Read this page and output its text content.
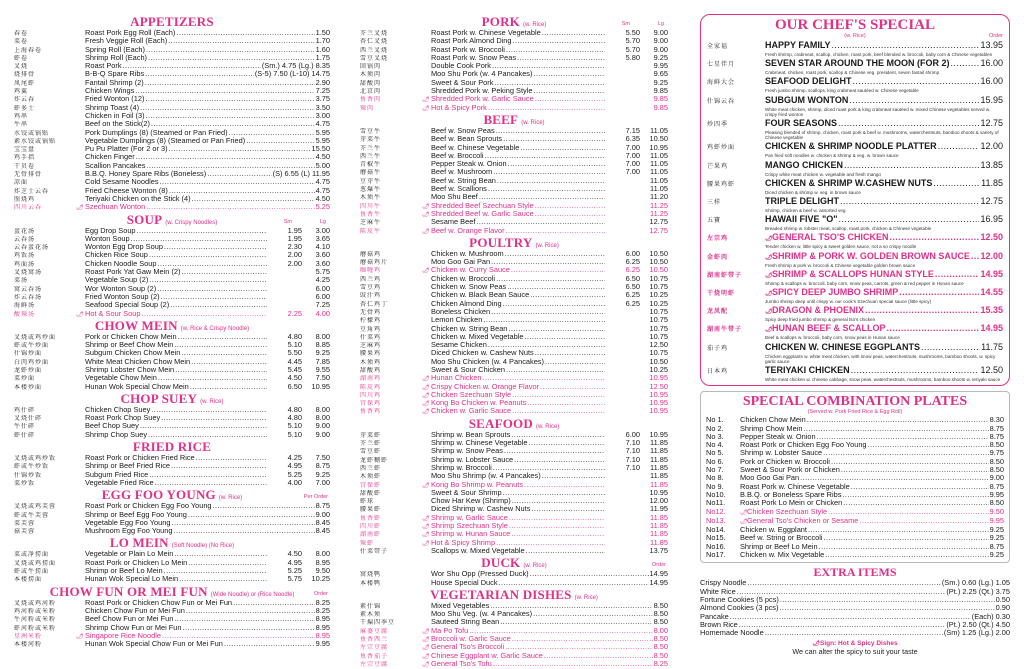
APPETIZERS
春卷	Roast Pork Egg Roll (Each) .....	1.50
菜卷	Fresh Veggie Roll (Each) .....	1.70
上海春卷	Spring Roll (Each) .....	1.60
虾卷	Shrimp Roll (Each) .....	1.75
叉烧	Roast Pork .....	(Sm.) 4.75 (Lg.) 8.35
烧排骨	B-B-Q Spare Ribs .....	(S-5) 7.50 (L-10) 14.75
凤尾虾	Fantail Shrimp (2) .....	2.90
鸡翼	Chicken Wings .....	7.25
炸云吞	Fried Wonton (12) .....	3.75
虾多士	Shrimp Toast (4) .....	3.50
鸡串	Chicken in Foil (3) .....	3.00
牛串	Beef on the Stick(2) .....	4.75
水饺或锅贴	Pork Dumplings (8) (Steamed or Pan Fried) .....	5.95
素水饺或锅贴	Vegetable Dumplings (8) (Steamed or Pan Fried) .....	5.95
宝宝盘	Pu Pu Platter (For 2 or 3) .....	15.50
鸡手指	Chicken Finger .....	4.50
干贝卷	Scallion Pancakes .....	5.00
无骨排骨	B.B.Q. Honey Spare Ribs (Boneless) .....	(S) 6.55 (L) 11.95
凉面	Cold Sesame Noodles .....	4.75
炸芝士云吞	Fried Cheese Wonton (8) .....	4.75
照烧鸡	Teriyaki Chicken on the Stick (4) .....	4.50
四川云吞	🌶 Szechuan Wonton .....	5.25
SOUP (w. Crispy Noodles)	Sm	Lg
蛋花汤	Egg Drop Soup .....	1.95	3.00
云吞汤	Wonton Soup .....	1.95	3.65
云吞蛋花汤	Wonton Egg Drop Soup .....	2.30	4.10
鸡饭汤	Chicken Rice Soup .....	2.00	3.60
鸡面汤	Chicken Noodle Soup .....	2.00	3.60
叉烧窝汤	Roast Pork Yat Gaw Mein (2) .....	5.75
菜汤	Vegetable Soup (2) .....	4.25
窝云吞汤	Wor Wonton Soup (2) .....	6.00
炸云吞汤	Fried Wonton Soup (2) .....	6.00
海鲜汤	Seafood Special Soup (2) .....	7.25
酸辣汤	🌶 Hot & Sour Soup .....	2.25	4.00
CHOW MEIN (w. Rice & Crispy Noodle)
叉烧或鸡炒面	Pork or Chicken Chow Mein .....	4.80	8.00
虾或牛炒面	Shrimp or Beef Chow Mein .....	5.10	8.85
什锦炒面	Subgum Chicken Chow Mein .....	5.50	9.25
白肉鸡炒面	White Meat Chicken Chow Mein .....	4.45	7.85
龙虾炒面	Shrimp Lobster Chow Mein .....	5.45	9.55
菜炒面	Vegetable Chow Mein .....	4.50	7.50
本楼炒面	Hunan Wok Special Chow Mein .....	6.50	10.95
CHOP SUEY (w. Rice)
鸡什碎	Chicken Chop Suey .....	4.80	8.00
叉烧什碎	Roast Pork Chop Suey .....	4.80	8.00
牛什碎	Beef Chop Suey .....	5.10	9.00
虾什碎	Shrimp Chop Suey .....	5.10	9.00
FRIED RICE
叉烧或鸡炒饭	Roast Pork or Chicken Fried Rice .....	4.25	7.50
虾或牛炒饭	Shrimp or Beef Fried Rice .....	4.95	8.75
什锦炒饭	Subgum Fried Rice .....	5.25	9.25
菜炒饭	Vegetable Fried Rice .....	4.00	7.00
EGG FOO YOUNG (w. Rice)	Per Order
叉烧或鸡芙蓉	Roast Pork or Chicken Egg Foo Young .....	8.75
虾或牛芙蓉	Shrimp or Beef Egg Foo Young .....	9.00
菜芙蓉	Vegetable Egg Foo Young .....	8.45
菇芙蓉	Mushroom Egg Foo Young .....	8.45
LO MEIN (Soft Noodle) (No Rice)
菜或净捞面	Vegetable or Plain Lo Mein .....	4.50	8.00
叉烧或鸡捞面	Roast Pork or Chicken Lo Mein .....	4.95	8.95
虾或牛捞面	Shrimp or Beef Lo Mein .....	5.25	9.50
本楼捞面	Hunan Wok Special Lo Mein .....	5.75	10.25
CHOW FUN OR MEI FUN (Wide Noodle) or (Rice Noodle)	Order
叉烧或鸡河粉	Roast Pork or Chicken Chow Fun or Mei Fun .....	8.25
鸡河粉或米粉	Chicken Chow Fun or Mei Fun .....	8.25
牛河粉或米粉	Beef Chow Fun or Mei Fun .....	8.95
虾河粉或米粉	Shrimp Chow Fun or Mei Fun .....	8.95
星洲米粉	🌶 Singapore Rice Noodle .....	8.95
本楼河粉	Hunan Wok Special Chow Fun or Mei Fun .....	9.95
PORK (w. Rice)	Sm	Lg
芥兰叉烧	Roast Pork w. Chinese Vegetable .....	5.50	9.00
杏仁叉烧	Roast Pork Almond Ding .....	5.70	9.00
西兰叉烧	Roast Pork w. Broccoli .....	5.70	9.00
雪豆叉烧	Roast Pork w. Snow Peas .....	5.80	9.25
回锅肉	Double Cook Pork .....	9.95
木须肉	Moo Shu Pork (w. 4 Pancakes) .....	9.65
甜酸肉	Sweet & Sour Pork .....	9.25
北京肉	Shredded Pork w. Peking Style .....	9.85
鱼香肉	🌶 Shredded Pork w. Garlic Sauce .....	9.85
辣肉	🌶 Hot & Spicy Pork .....	9.85
BEEF (w. Rice)
雪豆牛	Beef w. Snow Peas .....	7.15	11.05
芽菜牛	Beef w. Bean Sprouts .....	6.35	10.50
芥兰牛	Beef w. Chinese Vegetable .....	7.00	10.95
西兰牛	Beef w. Broccoli .....	7.00	11.05
青椒牛	Pepper Steak w. Onion .....	7.00	11.05
蘑菇牛	Beef w. Mushroom .....	7.00	11.05
豆芽牛	Beef w. String Bean .....	11.05
葱爆牛	Beef w. Scallions .....	11.05
木须牛	Moo Shu Beef .....	11.20
四川牛	🌶 Shredded Beef Szechuan Style .....	11.25
鱼香牛	🌶 Shredded Beef w. Garlic Sauce .....	11.25
芝麻牛	Sesame Beef .....	12.75
陈皮牛	🌶 Beef w. Orange Flavor .....	12.75
POULTRY (w. Rice)
蘑菇鸡	Chicken w. Mushroom .....	6.00	10.50
蘑菇鸡片	Moo Goo Gai Pan .....	6.25	10.50
咖喱鸡	🌶 Chicken w. Curry Sauce .....	6.25	10.50
西兰鸡	Chicken w. Broccoli .....	6.50	10.75
雪豆鸡	Chicken w. Snow Peas .....	6.50	10.75
豉汁鸡	Chicken w. Black Bean Sauce .....	6.25	10.25
杏仁鸡丁	Chicken Almond Ding .....	6.25	10.25
无骨鸡	Boneless Chicken .....	10.75
柠檬鸡	Lemon Chicken .....	10.75
豆角鸡	Chicken w. String Bean .....	10.75
什菜鸡	Chicken w. Mixed Vegetable .....	10.75
芝麻鸡	Sesame Chicken .....	12.50
腰果鸡	Diced Chicken w. Cashew Nuts .....	10.75
木须鸡	Moo Shu Chicken (w. 4 Pancakes) .....	10.50
甜酸鸡	Sweet & Sour Chicken .....	10.25
湖南鸡	🌶 Hunan Chicken .....	10.95
陈皮鸡	🌶 Crispy Chicken w. Orange Flavor .....	12.50
四川鸡	🌶 Chicken Szechuan Style .....	10.95
宫保鸡	🌶 Kong Bo Chicken w. Peanuts .....	10.95
鱼香鸡	🌶 Chicken w. Garlic Sauce .....	10.95
SEAFOOD (w. Rice)
芽菜虾	Shrimp w. Bean Sprouts .....	6.00	10.95
芥兰虾	Shrimp w. Chinese Vegetable .....	7.10	11.85
雪豆虾	Shrimp w. Snow Peas .....	7.10	11.85
龙虾糊虾	Shrimp w. Lobster Sauce .....	7.10	11.85
西兰虾	Shrimp w. Broccoli .....	7.10	11.85
木须虾	Moo Shu Shrimp (w. 4 Pancakes) .....	11.85
宫保虾	🌶 Kong Bo Shrimp w. Peanuts .....	11.85
甜酸虾	Sweet & Sour Shrimp .....	10.95
虾球	Chow Har Kew (Shrimp) .....	12.00
腰果虾	Diced Shrimp w. Cashew Nuts .....	11.95
鱼香虾	🌶 Shrimp w. Garlic Sauce .....	11.85
四川虾	🌶 Shrimp Szechuan Style .....	11.85
湖南虾	🌶 Shrimp w. Hunan Sauce .....	11.85
辣虾	🌶 Hot & Spicy Shrimp .....	11.85
什菜带子	Scallops w. Mixed Vegetable .....	13.75
DUCK (w. Rice)	Order
窝烧鸭	Wor Shu Opp (Pressed Duck) .....	14.95
本楼鸭	House Special Duck .....	14.95
VEGETARIAN DISHES (w. Rice)
素什锦	Mixed Vegetables .....	8.50
素木须	Moo Shu Veg. (w. 4 Pancakes) .....	8.50
干煸四季豆	Sauteed String Bean .....	8.50
麻婆豆腐	🌶 Ma Po Tofu .....	8.00
鱼香西兰	🌶 Broccoli w. Garlic Sauce .....	8.50
左宗豆腐	🌶 General Tso's Broccoli .....	8.50
鱼香茄子	🌶 Chinese Eggplant w. Garlic Sauce .....	8.50
左宗豆腐	🌶 General Tso's Tofu .....	8.25
OUR CHEF'S SPECIAL
(w. Rice)	Order
全家福	HAPPY FAMILY .....	13.95
Fresh shrimp, crabmeat, scallop, chicken, roast pork, beef blended w. broccoli, baby corn & Chinese vegetables
七星伴月	SEVEN STAR AROUND THE MOON (FOR 2) .....	16.00
Crabmeat, chicken, roast pork, scallop & Chinese veg. president, seven fantail shrimp
海鲜大会	SEAFOOD DELIGHT .....	16.00
Fresh jumbo shrimp, scallops, king crabmeat sautéed w. Chinese vegetable
什锦云吞	SUBGUM WONTON .....	15.95
White meat chicken, shrimp, diced roast pork & king crabmeat sautéed w. mixed Chinese vegetables served w. crispy fried wonton
炒四季	FOUR SEASONS .....	12.75
Pleasing blended of shrimp, chicken, roast pork & beef w. mushrooms, waterchestnuts, bamboo shoots & variety of Chinese vegetable
鸡虾炒面	CHICKEN & SHRIMP NOODLE PLATTER .....	12.00
Pan fried soft noodles w. chicken & shrimp & veg. w. brown sauce
芒果鸡	MANGO CHICKEN .....	13.85
Crispy white meat chicken w. vegetable and fresh mango
腰果鸡虾	CHICKEN & SHRIMP W.CASHEW NUTS .....	11.85
Diced chicken & shrimp w. veg. in brown sauce
三样	TRIPLE DELIGHT .....	12.75
Shrimp, chicken & beef w. assorted veg.
五寶	HAWAII FIVE "O" .....	16.95
Breaded shrimp w. lobster meat, scallop, roast pork, chicken & Chinese vegetable
左宗鸡	🌶 GENERAL TSO'S CHICKEN .....	12.50
Tender chicken w. little spicy & sweet golden sauce, not a so crispy noodle
金虾肉	🌶 SHRIMP & PORK W. GOLDEN BROWN SAUCE ..... 12.00
Fresh shrimp & pork w. broccoli & Chinese vegetable golden brown sauce
湖南虾带子	🌶 SHRIMP & SCALLOPS HUNAN STYLE .....	14.95
Shrimp & scallops w. broccoli, baby corn, snow peas, carrots, green & red pepper in Hunan sauce
干烧明虾	🌶 SPICY DEEP JUMBO SHRIMP .....	14.55
Jumbo shrimp deep until crispy w. our cook's Szechuan special sauce (little spicy)
龙凤配	🌶 DRAGON & PHOENIX .....	15.35
Spicy deep fried jumbo shrimp & general tso's chicken
湖南牛带子	🌶 HUNAN BEEF & SCALLOP .....	14.95
Beef & scallops w. broccoli, baby corn, snow peas in Hunan sauce
茄子鸡	CHICKEN W. CHINESE EGGPLANTS .....	11.75
Chicken eggplants w. white meat chicken, with snow peas, waterchestnuts, mushrooms, bamboo shoots, w. spicy garlic sauce
日本鸡	TERIYAKI CHICKEN .....	12.50
White meat chicken w. chinese cabbage, snow peas, waterchestnuts, mushrooms, bamboo shoots w. teriyaki sauce
SPECIAL COMBINATION PLATES
(Served w. Pork Fried Rice & Egg Roll)
No 1.	Chicken Chow Mein .....	8.30
No 2.	Shrimp Chow Mein .....	8.75
No 3.	Pepper Steak w. Onion .....	8.75
No 4.	Roast Pork or Chicken Egg Foo Young .....	8.50
No 5.	Shrimp w. Lobster Sauce .....	9.75
No 6.	Pork or Chicken w. Broccoli .....	8.50
No 7.	Sweet & Sour Pork or Chicken .....	8.50
No 8.	Moo Goo Gai Pan .....	9.00
No 9.	Roast Pork w. Chinese Vegetable .....	8.75
No10.	B.B.Q. or Boneless Spare Ribs .....	9.95
No11.	Roast Pork Lo Mein or Chicken .....	8.50
No12.	🌶 Chicken Szechuan Style .....	9.50
No13.	🌶 General Tso's Chicken or Sesame .....	9.95
No14.	Chicken w. Eggplant .....	9.25
No15.	Beef w. String or Broccoli .....	9.25
No16.	Shrimp or Beef Lo Mein .....	8.75
No17.	Chicken w. Mix Vegetable .....	9.25
EXTRA ITEMS
Crispy Noodle .....	(Sm.) 0.60 (Lg.) 1.05
White Rice .....	(Pt.) 2.25 (Qt.) 3.75
Fortune Cookies (5 pcs) .....	0.50
Almond Cookies (3 pcs) .....	0.90
Pancake .....	(Each) 0.30
Brown Rice .....	(Pt.) 2.50 (Qt.) 4.50
Homemade Noodle .....	(Sm) 1.25 (Lg.) 2.00
🌶Sign: Hot & Spicy Dishes
We can alter the spicy to suit your taste
